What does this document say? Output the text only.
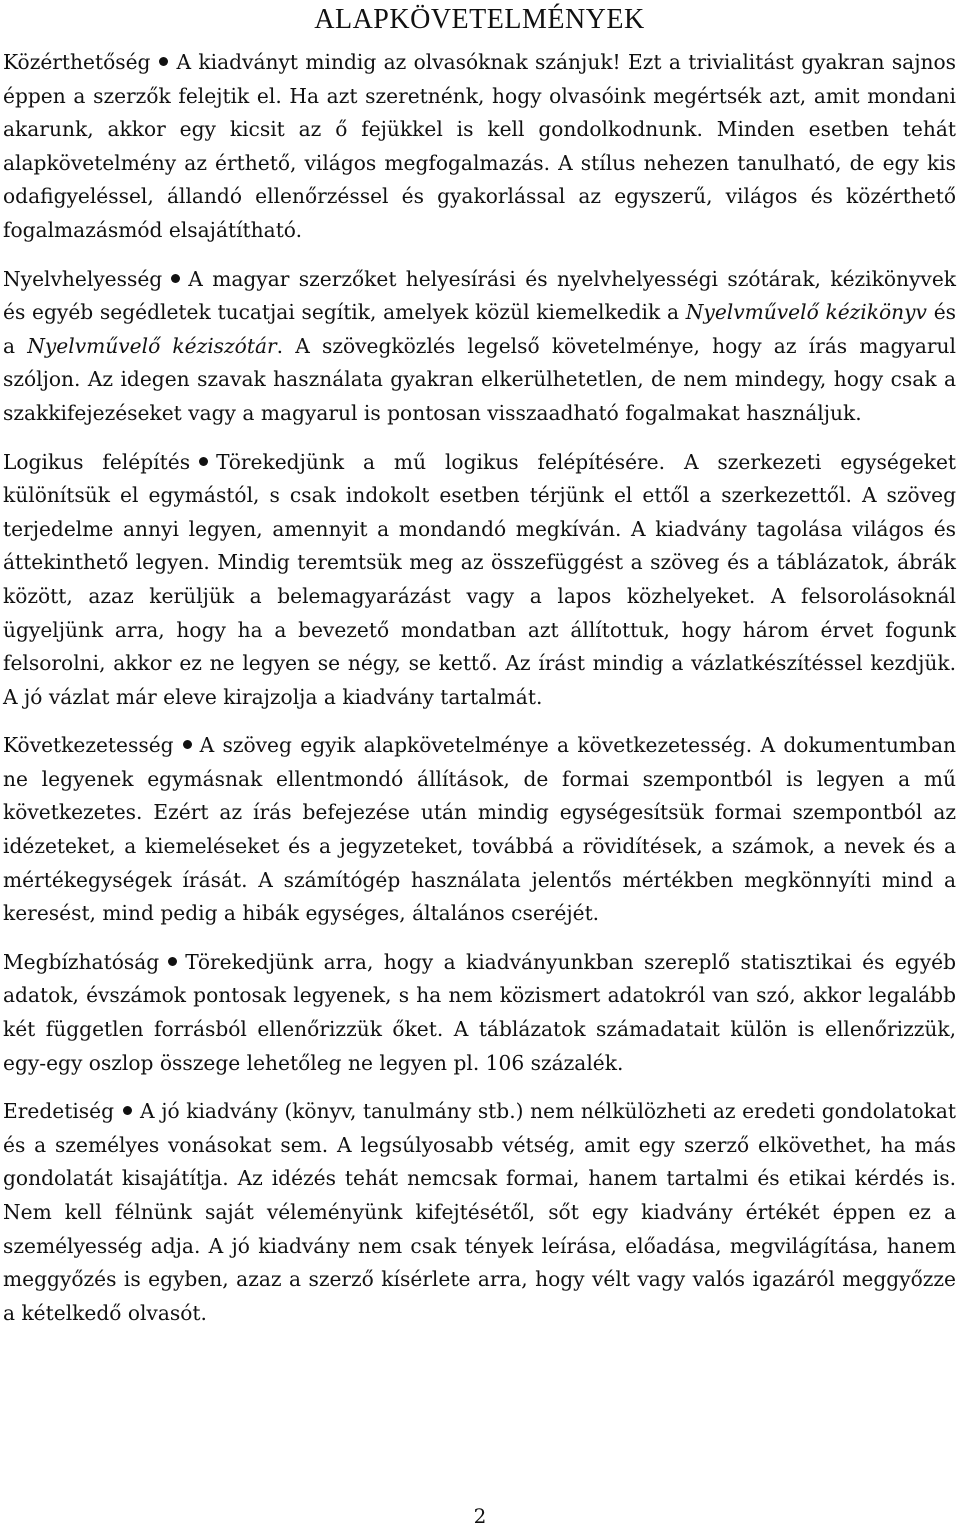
ALAPKÖVETELMÉNYEK

Közérthetőség A kiadványt mindig az olvasóknak szánjuk! Ezt a trivialitást gyakran sajnos éppen a szerzők felejtik el. Ha azt szeretnénk, hogy olvasóink megértsék azt, amit mondani akarunk, akkor egy kicsit az ő fejükkel is kell gondolkodnunk. Minden esetben tehát alapkövetelmény az érthető, világos megfogalmazás. A stílus nehezen tanulható, de egy kis odafigyeléssel, állandó ellenőrzéssel és gyakorlással az egyszerű, világos és közérthető fogalmazásmód elsajátítható.

Nyelvhelyesség A magyar szerzőket helyesírási és nyelvhelyességi szótárak, kézikönyvek és egyéb segédletek tucatjai segítik, amelyek közül kiemelkedik a Nyelvművelő kézikönyv és a Nyelvművelő kéziszótár. A szövegközlés legelső követelménye, hogy az írás magyarul szóljon. Az idegen szavak használata gyakran elkerülhetetlen, de nem mindegy, hogy csak a szakkifejezéseket vagy a magyarul is pontosan visszaadható fogalmakat használjuk.

Logikus felépítés Törekedjünk a mű logikus felépítésére. A szerkezeti egységeket különítsük el egymástól, s csak indokolt esetben térjünk el ettől a szerkezettől. A szöveg terjedelme annyi legyen, amennyit a mondandó megkíván. A kiadvány tagolása világos és áttekinthető legyen. Mindig teremtsük meg az összefüggést a szöveg és a táblázatok, ábrák között, azaz kerüljük a belemagyarázást vagy a lapos közhelyeket. A felsorolásoknál ügyeljünk arra, hogy ha a bevezető mondatban azt állítottuk, hogy három érvet fogunk felsorolni, akkor ez ne legyen se négy, se kettő. Az írást mindig a vázlatkészítéssel kezdjük. A jó vázlat már eleve kirajzolja a kiadvány tartalmát.

Következetesség A szöveg egyik alapkövetelménye a következetesség. A dokumentumban ne legyenek egymásnak ellentmondó állítások, de formai szempontból is legyen a mű következetes. Ezért az írás befejezése után mindig egységesítsük formai szempontból az idézeteket, a kiemeléseket és a jegyzeteket, továbbá a rövidítések, a számok, a nevek és a mértékegységek írását. A számítógép használata jelentős mértékben megkönnyíti mind a keresést, mind pedig a hibák egységes, általános cseréjét.

Megbízhatóság Törekedjünk arra, hogy a kiadványunkban szereplő statisztikai és egyéb adatok, évszámok pontosak legyenek, s ha nem közismert adatokról van szó, akkor legalább két független forrásból ellenőrizzük őket. A táblázatok számadatait külön is ellenőrizzük, egy-egy oszlop összege lehetőleg ne legyen pl. 106 százalék.

Eredetiség A jó kiadvány (könyv, tanulmány stb.) nem nélkülözheti az eredeti gondolatokat és a személyes vonásokat sem. A legsúlyosabb vétség, amit egy szerző elkövethet, ha más gondolatát kisajátítja. Az idézés tehát nemcsak formai, hanem tartalmi és etikai kérdés is. Nem kell félnünk saját véleményünk kifejtésétől, sőt egy kiadvány értékét éppen ez a személyesség adja. A jó kiadvány nem csak tények leírása, előadása, megvilágítása, hanem meggyőzés is egyben, azaz a szerző kísérlete arra, hogy vélt vagy valós igazáról meggyőzze a kételkedő olvasót.

2
